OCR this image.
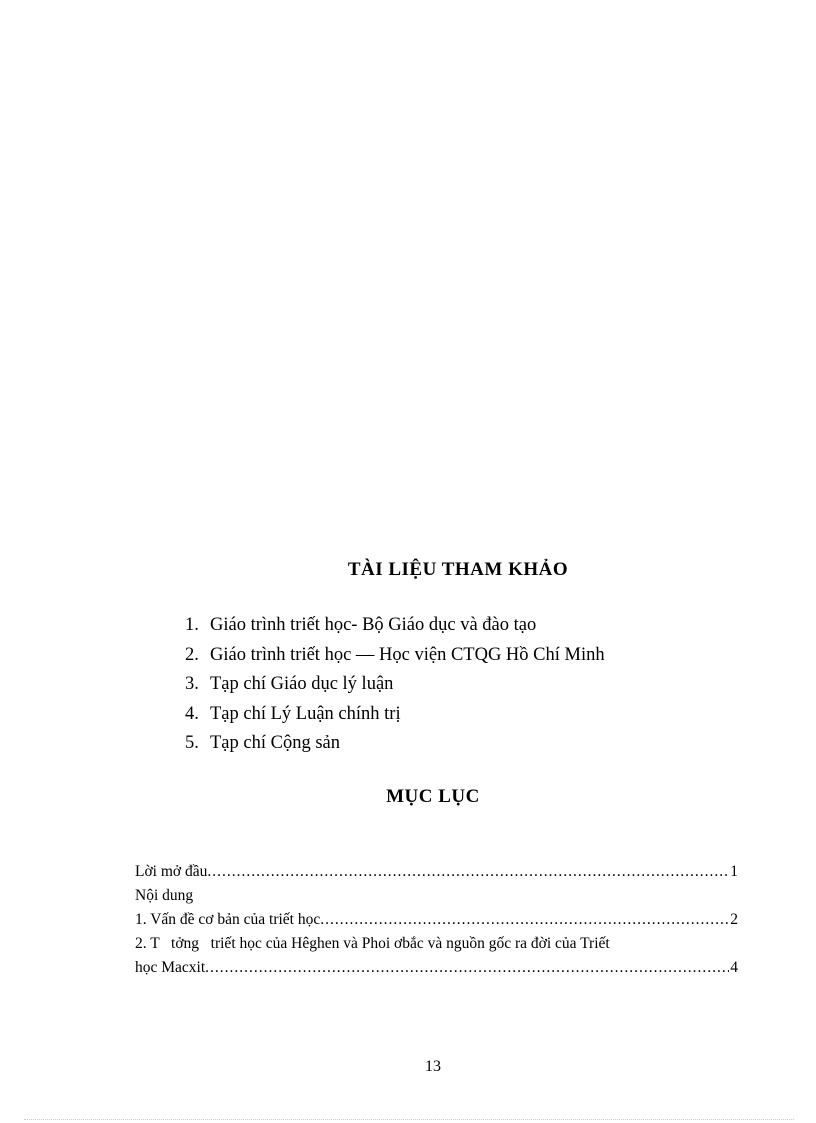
TÀI LIỆU THAM KHẢO
1. Giáo trình triết học- Bộ Giáo dục và đào tạo
2. Giáo trình triết học — Học viện CTQG Hồ Chí Minh
3. Tạp chí Giáo dục lý luận
4. Tạp chí Lý Luận chính trị
5. Tạp chí Cộng sản
MỤC LỤC
Lời mở đầu .....	1
Nội dung
1. Vấn đề cơ bản của triết học .....	2
2. T   tởng   triết học của Hêghen và Phoi ơbắc và nguồn gốc ra đời của Triết
học Macxit .....	4

13
